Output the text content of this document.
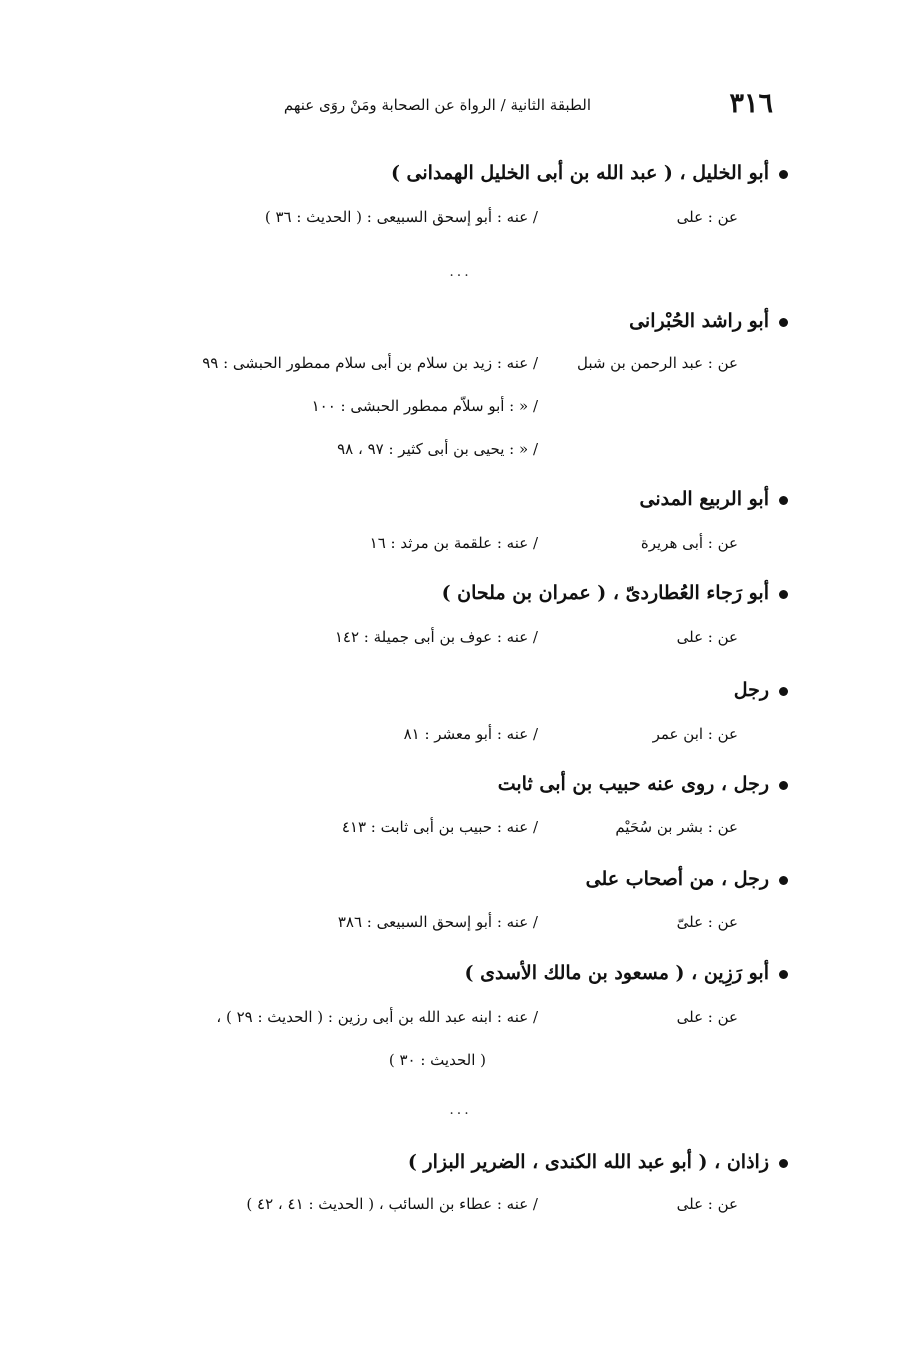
٣١٦
الطبقة الثانية / الرواة عن الصحابة ومَنْ روَى عنهم
أبو الخليل ، ( عبد الله بن أبى الخليل الهمدانى )
عن : على
/ عنه : أبو إسحق السبيعى : ( الحديث : ٣٦ )
...
أبو راشد الحُبْرانى
عن : عبد الرحمن بن شبل
/ عنه : زيد بن سلام بن أبى سلام ممطور الحبشى : ٩٩
/ « : أبو سلاّم ممطور الحبشى : ١٠٠
/ « : يحيى بن أبى كثير : ٩٧ ، ٩٨
أبو الربيع المدنى
عن : أبى هريرة
/ عنه : علقمة بن مرثد : ١٦
أبو رَجاء العُطاردىّ ، ( عمران بن ملحان )
عن : على
/ عنه : عوف بن أبى جميلة : ١٤٢
رجل
عن : ابن عمر
/ عنه : أبو معشر : ٨١
رجل ، روى عنه حبيب بن أبى ثابت
عن : بشر بن سُحَيْم
/ عنه : حبيب بن أبى ثابت : ٤١٣
رجل ، من أصحاب على
عن : علىّ
/ عنه : أبو إسحق السبيعى : ٣٨٦
أبو رَزِين ، ( مسعود بن مالك الأسدى )
عن : على
/ عنه : ابنه عبد الله بن أبى رزين : ( الحديث : ٢٩ ) ،
( الحديث : ٣٠ )
...
زاذان ، ( أبو عبد الله الكندى ، الضرير البزار )
عن : على
/ عنه : عطاء بن السائب ، ( الحديث : ٤١ ، ٤٢ )
